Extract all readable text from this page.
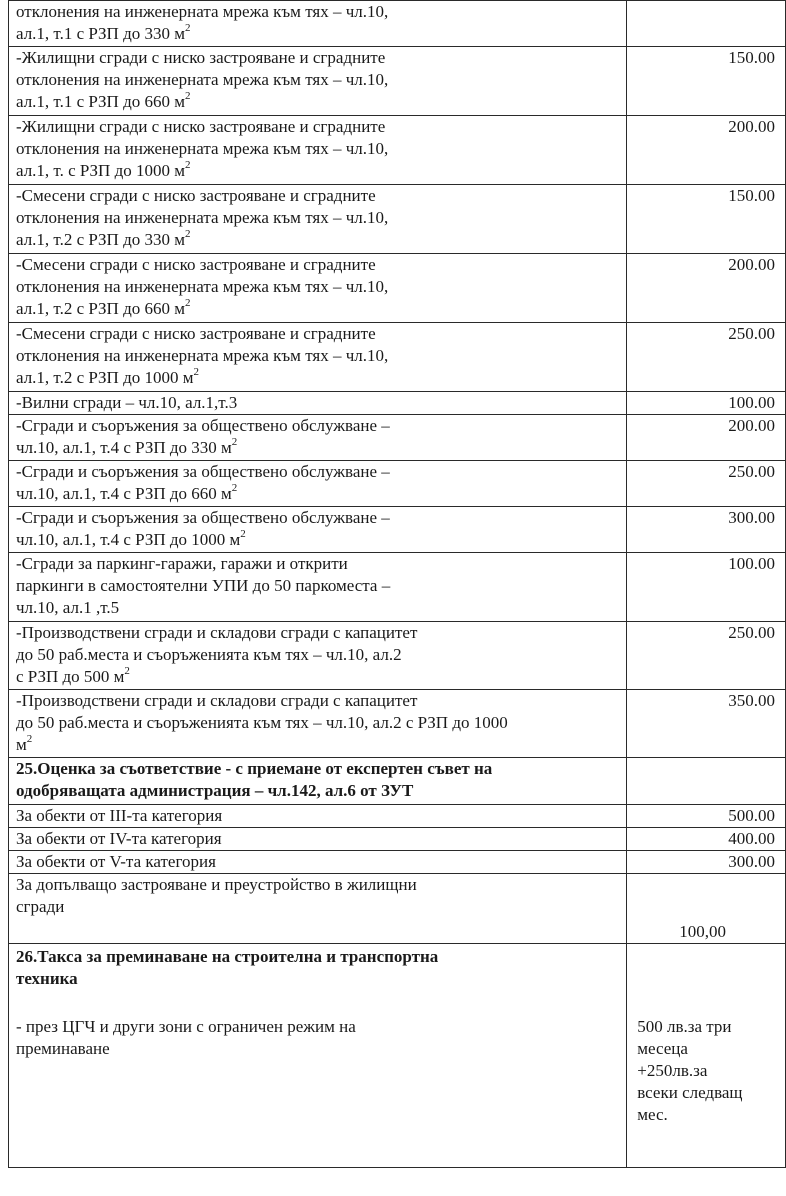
отклонения на инженерната мрежа към тях – чл.10,
ал.1, т.1 с РЗП до 330 $м^2$

-Жилищни сгради с ниско застрояване и сградните
отклонения на инженерната мрежа към тях – чл.10,
ал.1, т.1 с РЗП до 660 $м^2$	150.00

-Жилищни сгради с ниско застрояване и сградните
отклонения на инженерната мрежа към тях – чл.10,
ал.1, т. с РЗП до 1000 $м^2$	200.00

-Смесени сгради с ниско застрояване и сградните
отклонения на инженерната мрежа към тях – чл.10,
ал.1, т.2 с РЗП до 330 $м^2$	150.00

-Смесени сгради с ниско застрояване и сградните
отклонения на инженерната мрежа към тях – чл.10,
ал.1, т.2 с РЗП до 660 $м^2$	200.00

-Смесени сгради с ниско застрояване и сградните
отклонения на инженерната мрежа към тях – чл.10,
ал.1, т.2 с РЗП до 1000 $м^2$	250.00

-Вилни сгради – чл.10, ал.1,т.3	100.00

-Сгради и съоръжения за обществено обслужване –
чл.10, ал.1, т.4 с РЗП до 330 $м^2$	200.00

-Сгради и съоръжения за обществено обслужване –
чл.10, ал.1, т.4 с РЗП до 660 $м^2$	250.00

-Сгради и съоръжения за обществено обслужване –
чл.10, ал.1, т.4 с РЗП до 1000 $м^2$	300.00

-Сгради за паркинг-гаражи, гаражи и открити
паркинги в самостоятелни УПИ до 50 паркоместа –
чл.10, ал.1 ,т.5	100.00

-Производствени сгради и складови сгради с капацитет
до 50 раб.места и съоръженията към тях – чл.10, ал.2
с РЗП до 500 $м^2$	250.00

-Производствени сгради и складови сгради с капацитет
до 50 раб.места и съоръженията към тях – чл.10, ал.2 с РЗП до 1000
$м^2$	350.00

25.Оценка за съответствие - с приемане от експертен съвет на
одобряващата администрация – чл.142, ал.6 от ЗУТ	

За обекти от III-та категория	500.00

За обекти от IV-та категория	400.00

За обекти от V-та категория	300.00

За допълващо застрояване и преустройство в жилищни
сгради	100,00

26.Такса за преминаване на строителна и транспортна
техника
- през ЦГЧ и други зони с ограничен режим на
преминаване	500 лв.за три
месеца
+250лв.за
всеки следващ
мес.
